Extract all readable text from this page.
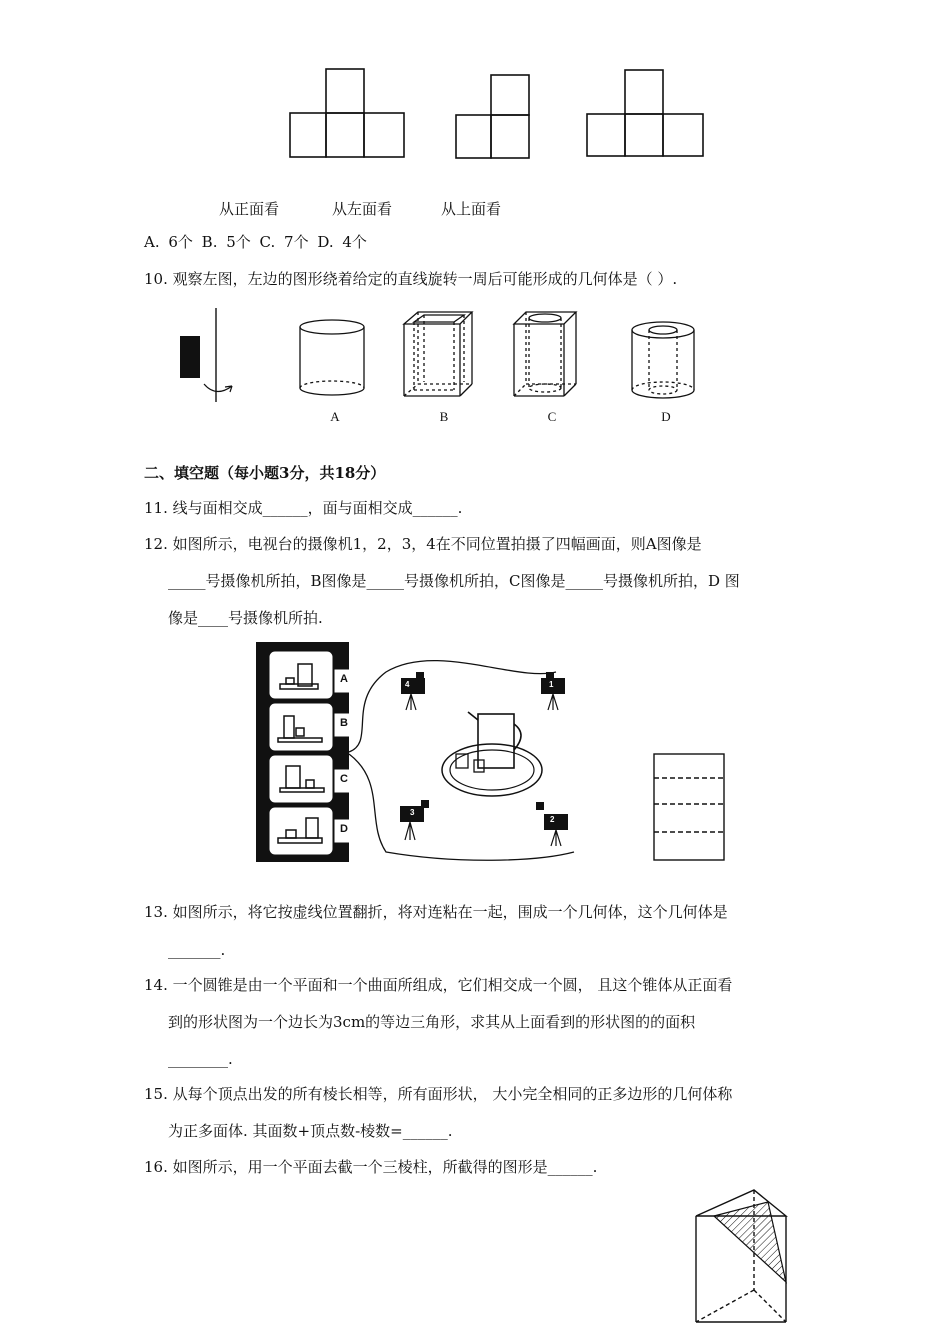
从正面看	从左面看	从上面看
A. 6个 B. 5个 C. 7个 D. 4个
10. 观察左图，左边的图形绕着给定的直线旋转一周后可能形成的几何体是（ ）.
A	B	C	D
二、填空题（每小题3分，共18分）
11. 线与面相交成______，面与面相交成______.
12. 如图所示，电视台的摄像机1，2，3，4在不同位置拍摄了四幅画面，则A图像是
_____号摄像机所拍，B图像是_____号摄像机所拍，C图像是_____号摄像机所拍，D 图
像是____号摄像机所拍.
A
B
C
D
1
2
3
4
13. 如图所示，将它按虚线位置翻折，将对连粘在一起，围成一个几何体，这个几何体是
_______.
14. 一个圆锥是由一个平面和一个曲面所组成，它们相交成一个圆， 且这个锥体从正面看
到的形状图为一个边长为3cm的等边三角形，求其从上面看到的形状图的的面积
________.
15. 从每个顶点出发的所有棱长相等，所有面形状， 大小完全相同的正多边形的几何体称
为正多面体. 其面数+顶点数-棱数=______.
16. 如图所示，用一个平面去截一个三棱柱，所截得的图形是______.
